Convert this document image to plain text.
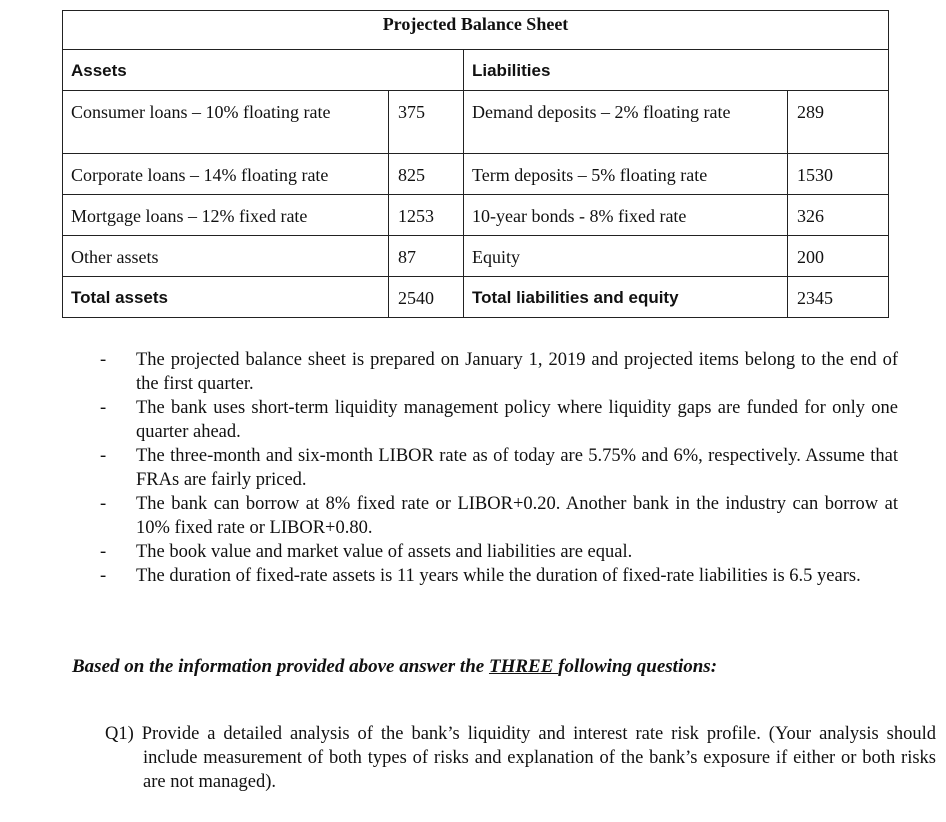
Projected Balance Sheet			

Assets		Liabilities	

Consumer loans – 10% floating rate	375	Demand deposits – 2% floating rate	289

Corporate loans – 14% floating rate	825	Term deposits – 5% floating rate	1530

Mortgage loans – 12% fixed rate	1253	10-year bonds - 8% fixed rate	326

Other assets	87	Equity	200

Total assets	2540	Total liabilities and equity	2345
- The projected balance sheet is prepared on January 1, 2019 and projected items belong to the end of the first quarter.
- The bank uses short-term liquidity management policy where liquidity gaps are funded for only one quarter ahead.
- The three-month and six-month LIBOR rate as of today are 5.75% and 6%, respectively. Assume that FRAs are fairly priced.
- The bank can borrow at 8% fixed rate or LIBOR+0.20. Another bank in the industry can borrow at 10% fixed rate or LIBOR+0.80.
- The book value and market value of assets and liabilities are equal.
- The duration of fixed-rate assets is 11 years while the duration of fixed-rate liabilities is 6.5 years.
Based on the information provided above answer the THREE following questions:
Q1) Provide a detailed analysis of the bank’s liquidity and interest rate risk profile. (Your analysis should include measurement of both types of risks and explanation of the bank’s exposure if either or both risks are not managed).
